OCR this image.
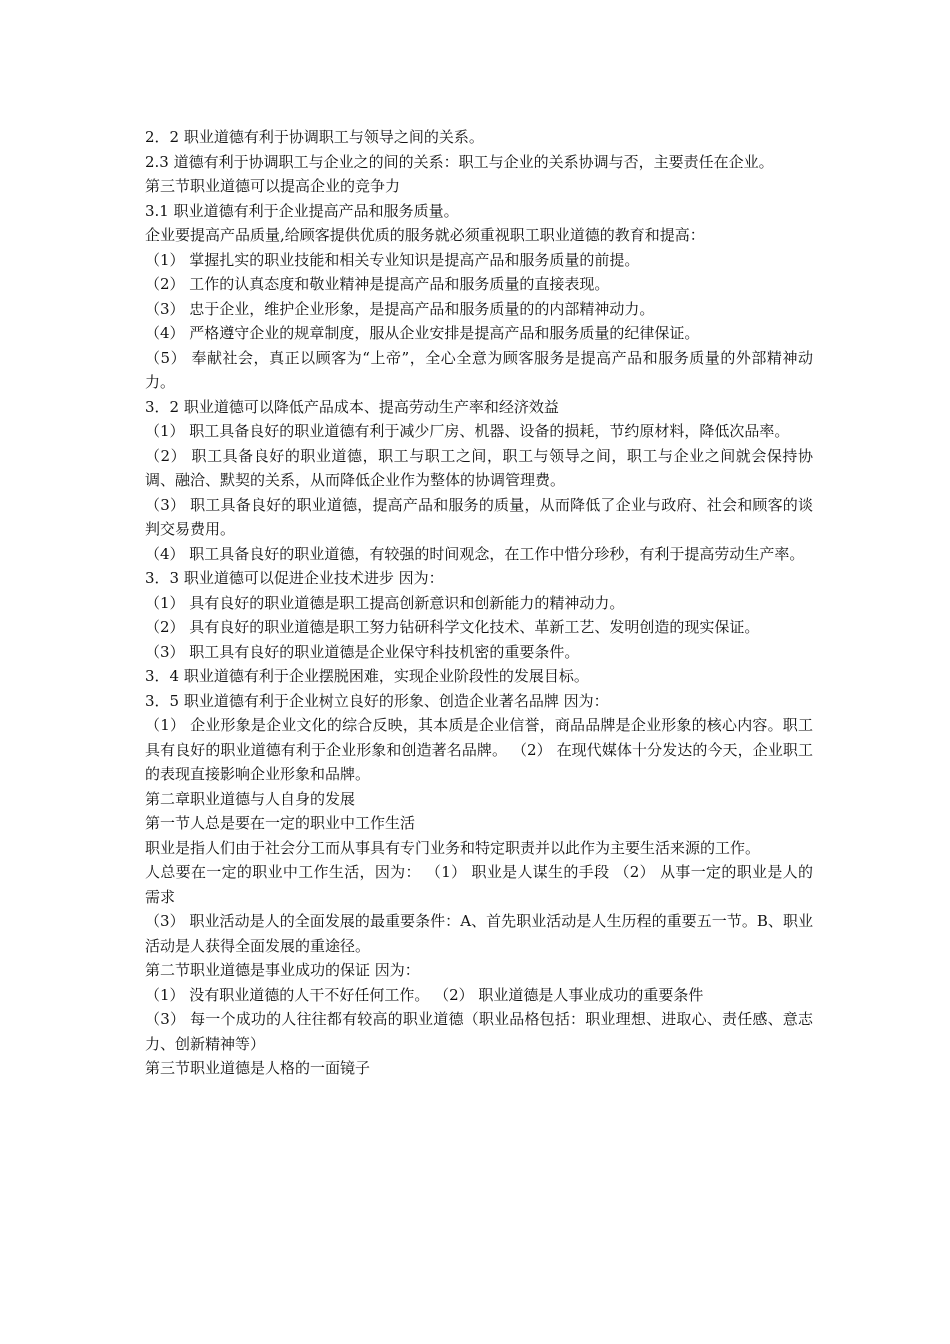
2．2 职业道德有利于协调职工与领导之间的关系。

2.3 道德有利于协调职工与企业之的间的关系：职工与企业的关系协调与否，主要责任在企业。

第三节职业道德可以提高企业的竞争力

3.1 职业道德有利于企业提高产品和服务质量。

企业要提高产品质量,给顾客提供优质的服务就必须重视职工职业道德的教育和提高：

（1） 掌握扎实的职业技能和相关专业知识是提高产品和服务质量的前提。

（2） 工作的认真态度和敬业精神是提高产品和服务质量的直接表现。

（3） 忠于企业，维护企业形象，是提高产品和服务质量的的内部精神动力。

（4） 严格遵守企业的规章制度，服从企业安排是提高产品和服务质量的纪律保证。

（5） 奉献社会，真正以顾客为“上帝”，全心全意为顾客服务是提高产品和服务质量的外部精神动力。

3．2 职业道德可以降低产品成本、提高劳动生产率和经济效益

（1） 职工具备良好的职业道德有利于减少厂房、机器、设备的损耗，节约原材料，降低次品率。

（2） 职工具备良好的职业道德，职工与职工之间，职工与领导之间，职工与企业之间就会保持协调、融洽、默契的关系，从而降低企业作为整体的协调管理费。

（3） 职工具备良好的职业道德，提高产品和服务的质量，从而降低了企业与政府、社会和顾客的谈判交易费用。

（4） 职工具备良好的职业道德，有较强的时间观念，在工作中惜分珍秒，有利于提高劳动生产率。

3．3 职业道德可以促进企业技术进步 因为：

（1） 具有良好的职业道德是职工提高创新意识和创新能力的精神动力。

（2） 具有良好的职业道德是职工努力钻研科学文化技术、革新工艺、发明创造的现实保证。

（3） 职工具有良好的职业道德是企业保守科技机密的重要条件。

3．4 职业道德有利于企业摆脱困难，实现企业阶段性的发展目标。

3．5 职业道德有利于企业树立良好的形象、创造企业著名品牌 因为：

（1） 企业形象是企业文化的综合反映，其本质是企业信誉，商品品牌是企业形象的核心内容。职工具有良好的职业道德有利于企业形象和创造著名品牌。 （2） 在现代媒体十分发达的今天，企业职工的表现直接影响企业形象和品牌。

第二章职业道德与人自身的发展

第一节人总是要在一定的职业中工作生活

职业是指人们由于社会分工而从事具有专门业务和特定职责并以此作为主要生活来源的工作。

人总要在一定的职业中工作生活，因为： （1） 职业是人谋生的手段 （2） 从事一定的职业是人的需求

（3） 职业活动是人的全面发展的最重要条件：A、首先职业活动是人生历程的重要五一节。B、职业活动是人获得全面发展的重途径。

第二节职业道德是事业成功的保证 因为：

（1） 没有职业道德的人干不好任何工作。 （2） 职业道德是人事业成功的重要条件

（3） 每一个成功的人往往都有较高的职业道德（职业品格包括：职业理想、进取心、责任感、意志力、创新精神等）

第三节职业道德是人格的一面镜子
